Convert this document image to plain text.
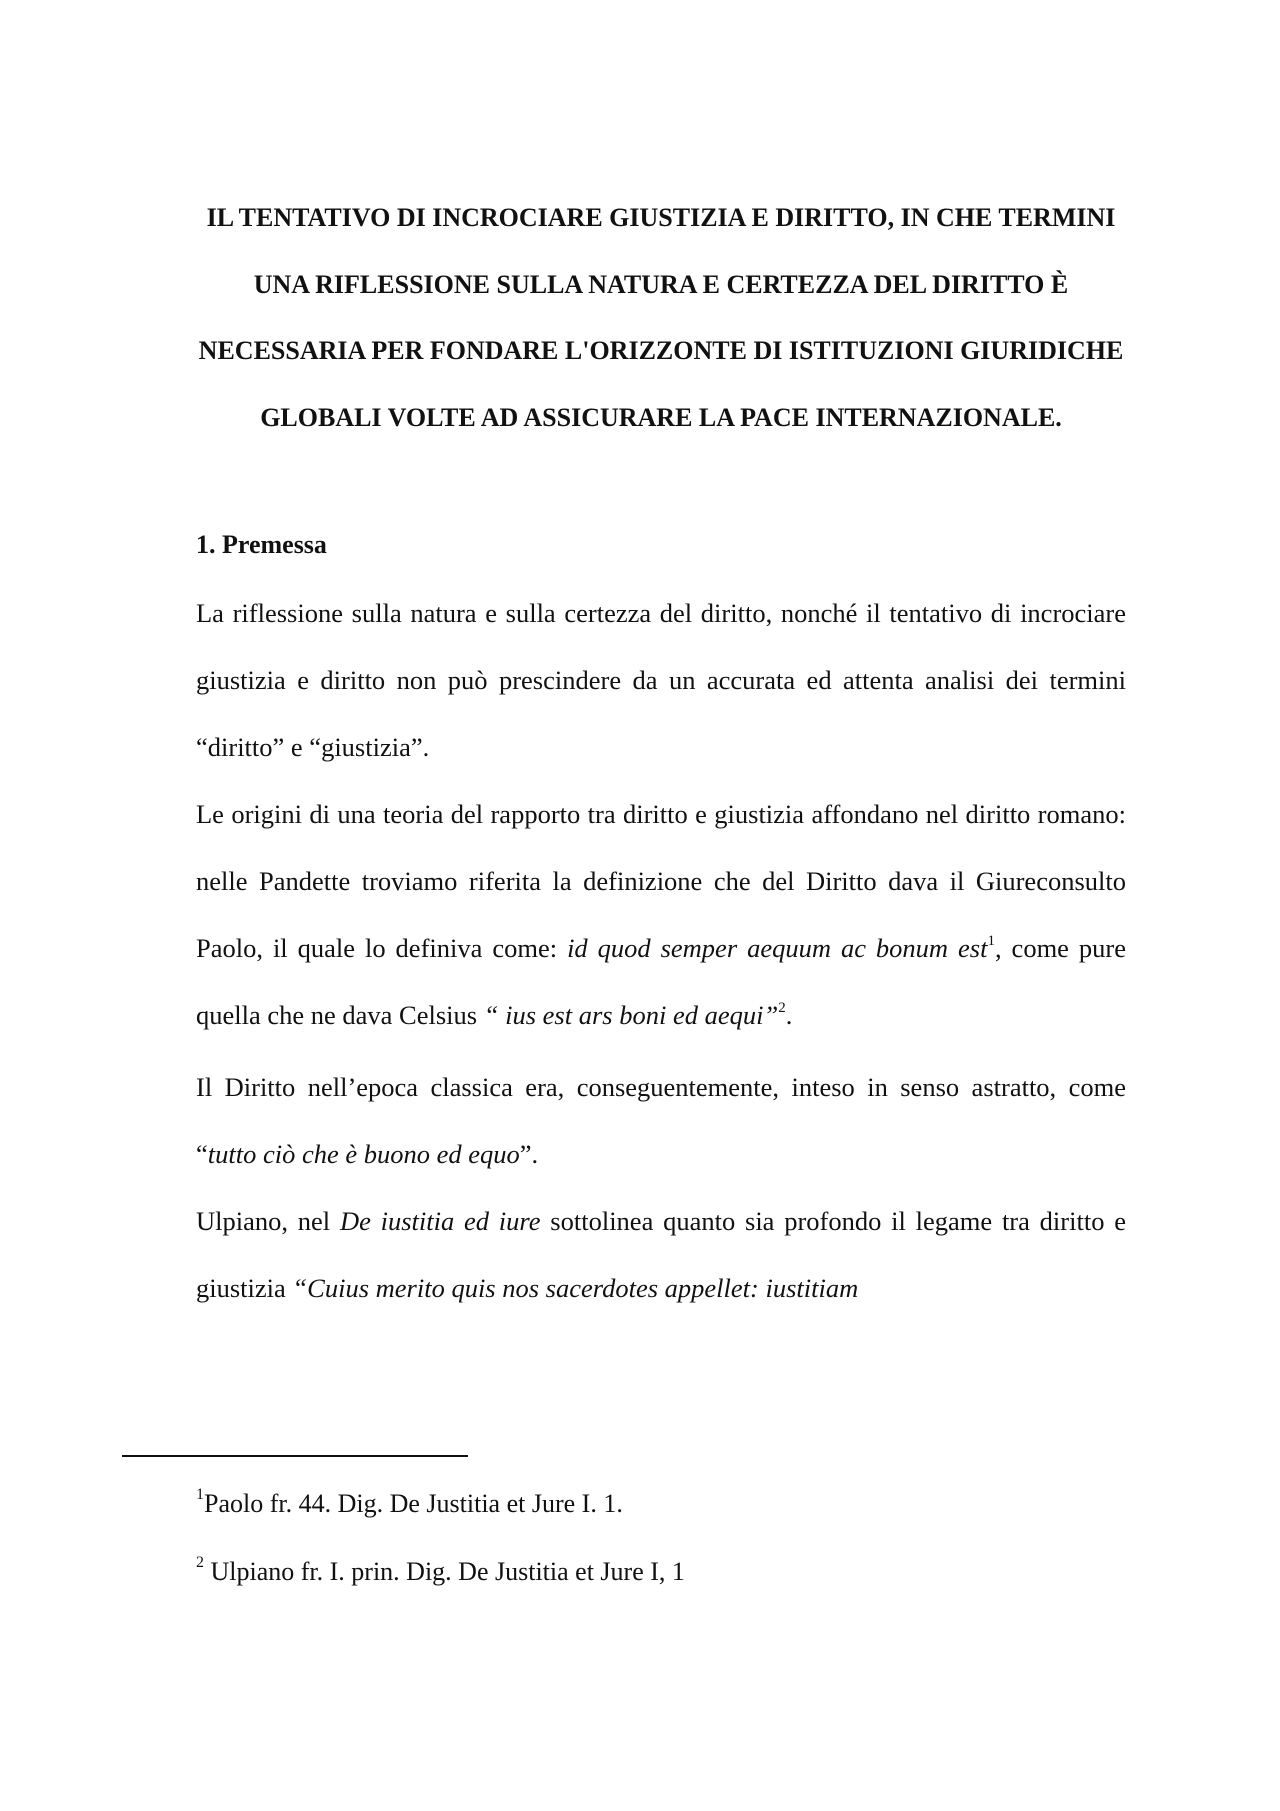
IL TENTATIVO DI INCROCIARE GIUSTIZIA E DIRITTO, IN CHE TERMINI UNA RIFLESSIONE SULLA NATURA E CERTEZZA DEL DIRITTO È NECESSARIA PER FONDARE L'ORIZZONTE DI ISTITUZIONI GIURIDICHE GLOBALI VOLTE AD ASSICURARE LA PACE INTERNAZIONALE.
1. Premessa

La riflessione sulla natura e sulla certezza del diritto, nonché il tentativo di incrociare giustizia e diritto non può prescindere da un accurata ed attenta analisi dei termini “diritto” e “giustizia”.

Le origini di una teoria del rapporto tra diritto e giustizia affondano nel diritto romano: nelle Pandette troviamo riferita la definizione che del Diritto dava il Giureconsulto Paolo, il quale lo definiva come: id quod semper aequum ac bonum est$^1$, come pure quella che ne dava Celsius “ ius est ars boni ed aequi”$^2$.

Il Diritto nell’epoca classica era, conseguentemente, inteso in senso astratto, come “tutto ciò che è buono ed equo”.

Ulpiano, nel De iustitia ed iure sottolinea quanto sia profondo il legame tra diritto e giustizia “Cuius merito quis nos sacerdotes appellet: iustitiam

$^1$Paolo fr. 44. Dig. De Justitia et Jure I. 1.

$^2$ Ulpiano fr. I. prin. Dig. De Justitia et Jure I, 1
